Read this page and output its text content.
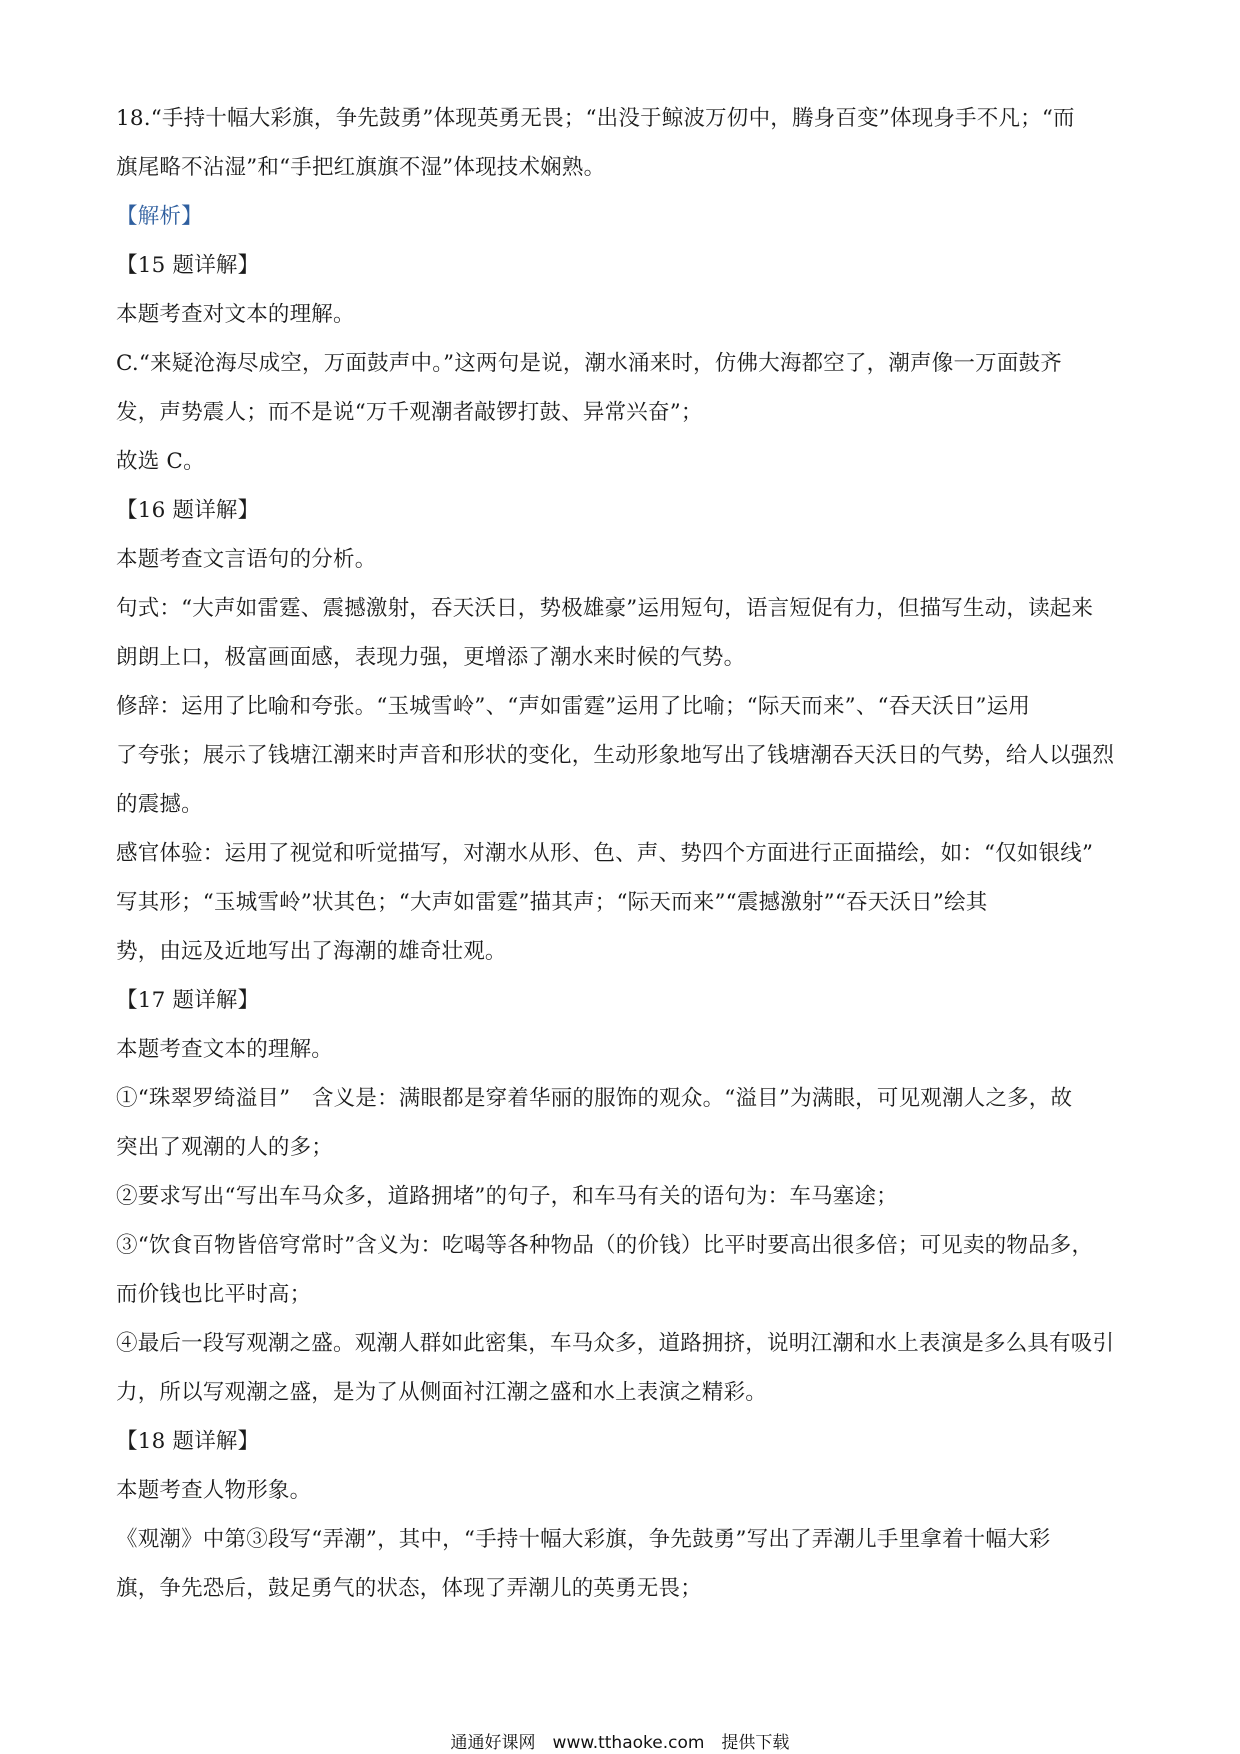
18.“手持十幅大彩旗，争先鼓勇”体现英勇无畏；“出没于鲸波万仞中，腾身百变”体现身手不凡；“而
旗尾略不沾湿”和“手把红旗旗不湿”体现技术娴熟。
【解析】
【15 题详解】
本题考查对文本的理解。
C.“来疑沧海尽成空，万面鼓声中。”这两句是说，潮水涌来时，仿佛大海都空了，潮声像一万面鼓齐
发，声势震人；而不是说“万千观潮者敲锣打鼓、异常兴奋”；
故选 C。
【16 题详解】
本题考查文言语句的分析。
句式：“大声如雷霆、震撼激射，吞天沃日，势极雄豪”运用短句，语言短促有力，但描写生动，读起来
朗朗上口，极富画面感，表现力强，更增添了潮水来时候的气势。
修辞：运用了比喻和夸张。“玉城雪岭”、“声如雷霆”运用了比喻；“际天而来”、“吞天沃日”运用
了夸张；展示了钱塘江潮来时声音和形状的变化，生动形象地写出了钱塘潮吞天沃日的气势，给人以强烈
的震撼。
感官体验：运用了视觉和听觉描写，对潮水从形、色、声、势四个方面进行正面描绘，如：“仅如银线”
写其形；“玉城雪岭”状其色；“大声如雷霆”描其声；“际天而来”“震撼激射”“吞天沃日”绘其
势，由远及近地写出了海潮的雄奇壮观。
【17 题详解】
本题考查文本的理解。
①“珠翠罗绮溢目”　含义是：满眼都是穿着华丽的服饰的观众。“溢目”为满眼，可见观潮人之多，故
突出了观潮的人的多；
②要求写出“写出车马众多，道路拥堵”的句子，和车马有关的语句为：车马塞途；
③“饮食百物皆倍穹常时”含义为：吃喝等各种物品（的价钱）比平时要高出很多倍；可见卖的物品多，
而价钱也比平时高；
④最后一段写观潮之盛。观潮人群如此密集，车马众多，道路拥挤，说明江潮和水上表演是多么具有吸引
力，所以写观潮之盛，是为了从侧面衬江潮之盛和水上表演之精彩。
【18 题详解】
本题考查人物形象。
《观潮》中第③段写“弄潮”，其中，“手持十幅大彩旗，争先鼓勇”写出了弄潮儿手里拿着十幅大彩
旗，争先恐后，鼓足勇气的状态，体现了弄潮儿的英勇无畏；
通通好课网　www.tthaoke.com　提供下载
